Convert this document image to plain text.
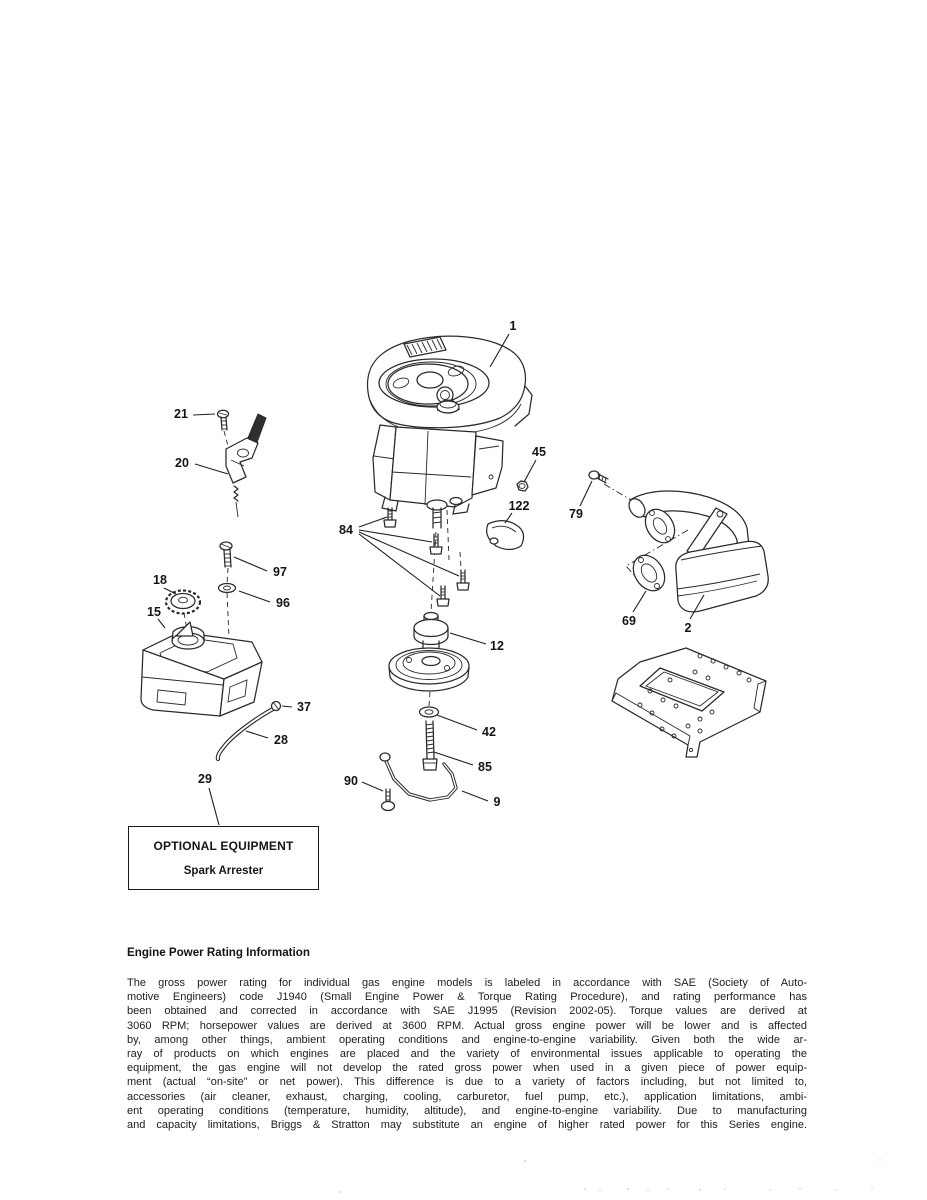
1
21
20
45
122
79
84
97
18
96
15
69	2
12
37
28
29	90
42
85
9
OPTIONAL EQUIPMENT
Spark Arrester
Engine Power Rating Information
The gross power rating for individual gas engine models is labeled in accordance with SAE (Society of Auto-
motive Engineers) code J1940 (Small Engine Power & Torque Rating Procedure), and rating performance has
been obtained and corrected in accordance with SAE J1995 (Revision 2002-05). Torque values are derived at
3060 RPM; horsepower values are derived at 3600 RPM. Actual gross engine power will be lower and is affected
by, among other things, ambient operating conditions and engine-to-engine variability. Given both the wide ar-
ray of products on which engines are placed and the variety of environmental issues applicable to operating the
equipment, the gas engine will not develop the rated gross power when used in a given piece of power equip-
ment (actual “on-site” or net power). This difference is due to a variety of factors including, but not limited to,
accessories (air cleaner, exhaust, charging, cooling, carburetor, fuel pump, etc.), application limitations, ambi-
ent operating conditions (temperature, humidity, altitude), and engine-to-engine variability. Due to manufacturing
and capacity limitations, Briggs & Stratton may substitute an engine of higher rated power for this Series engine.
